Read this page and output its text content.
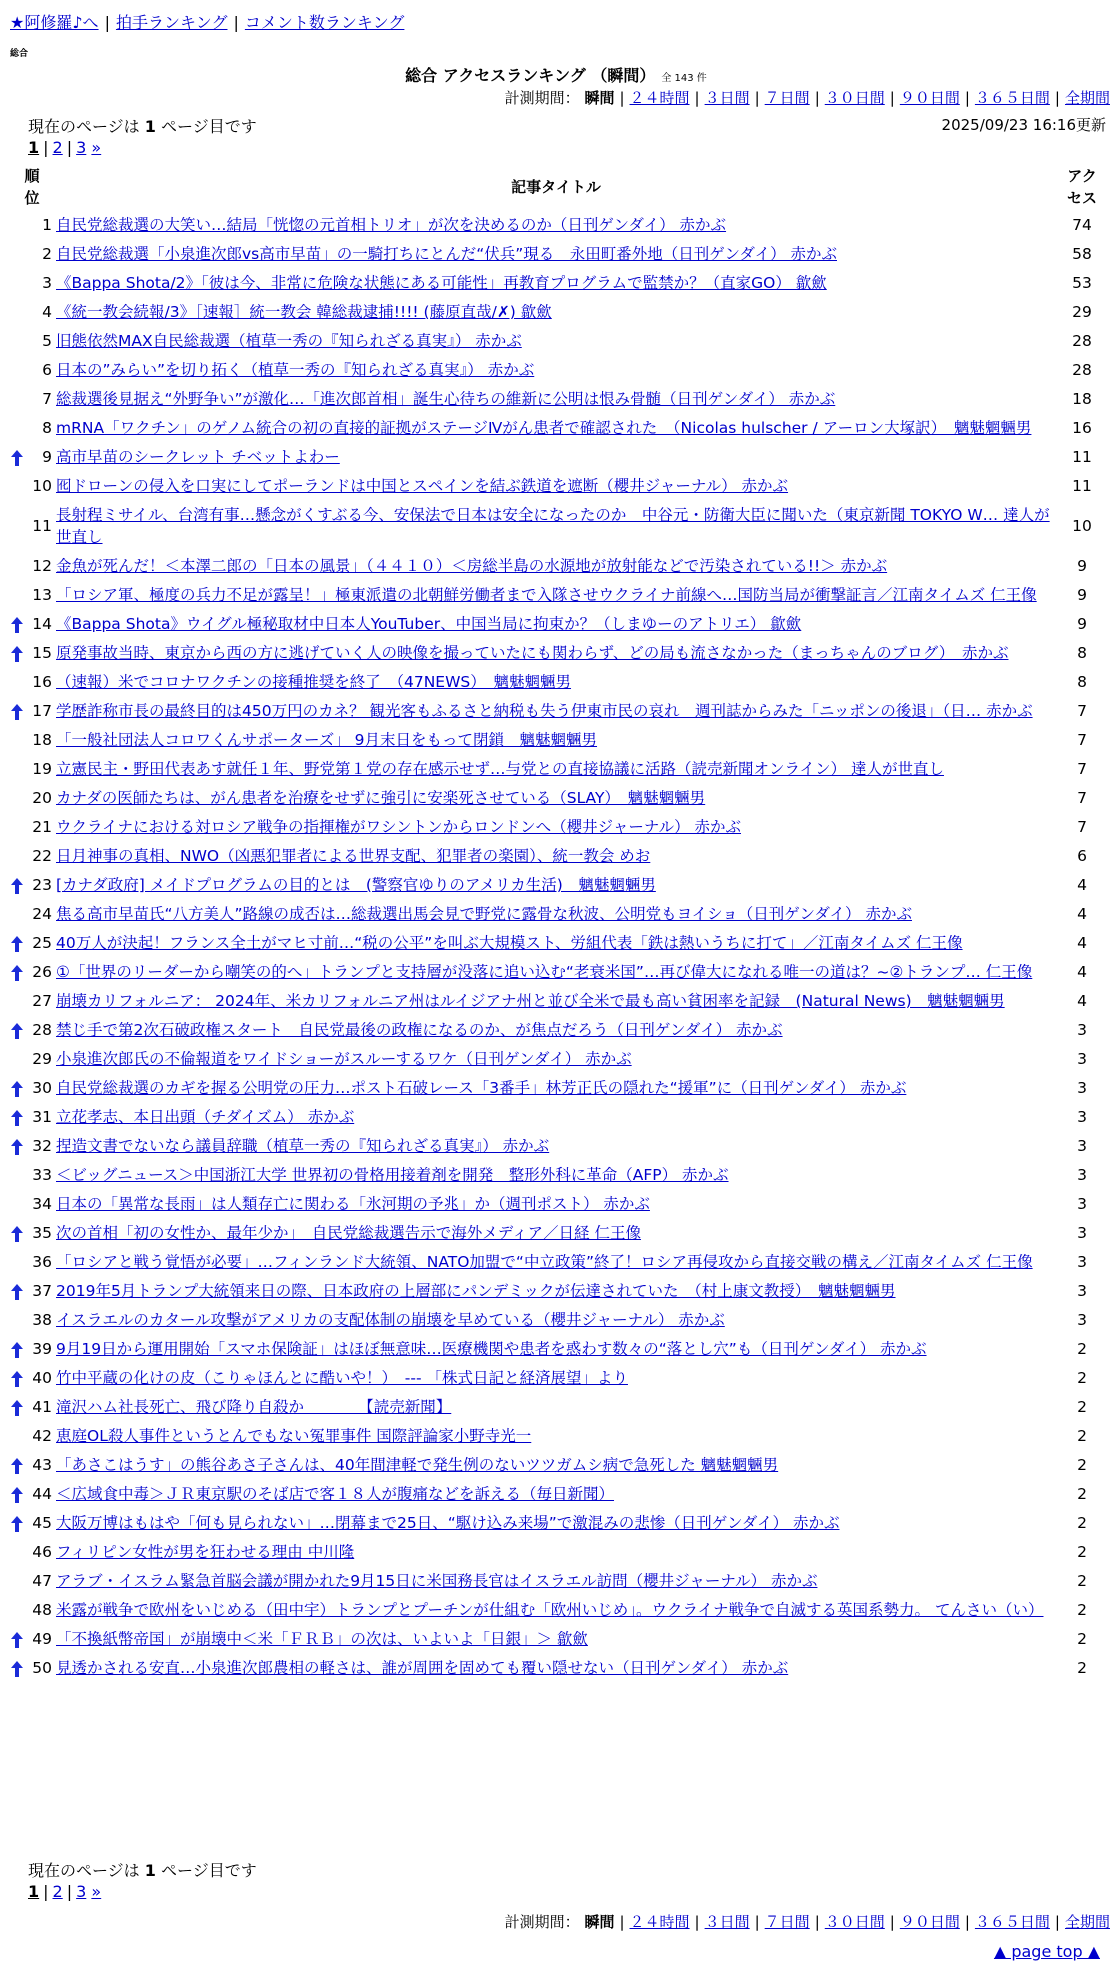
★阿修羅♪へ | 拍手ランキング | コメント数ランキング
総合
総合 アクセスランキング （瞬間） 全 143 件
計測期間： 瞬間 | ２４時間 | ３日間 | ７日間 | ３０日間 | ９０日間 | ３６５日間 | 全期間
現在のページは 1 ページ目です	2025/09/23 16:16更新
1 | 2 | 3 »
順位	記事タイトル	アクセス
1	自民党総裁選の大笑い…結局「恍惚の元首相トリオ」が次を決めるのか（日刊ゲンダイ） 赤かぶ	74
2	自民党総裁選「小泉進次郎vs高市早苗」の一騎打ちにとんだ“伏兵”現る　永田町番外地（日刊ゲンダイ） 赤かぶ	58
3	《Bappa Shota/2》「彼は今、非常に危険な状態にある可能性」再教育プログラムで監禁か？（直家GO） 歙歛	53
4	《統一教会続報/3》［速報］統一教会 韓総裁逮捕!!!! (藤原直哉/✗) 歙歛	29
5	旧態依然MAX自民総裁選（植草一秀の『知られざる真実』） 赤かぶ	28
6	日本の”みらい”を切り拓く（植草一秀の『知られざる真実』） 赤かぶ	28
7	総裁選後見据え“外野争い”が激化…「進次郎首相」誕生心待ちの維新に公明は恨み骨髄（日刊ゲンダイ） 赤かぶ	18
8	mRNA「ワクチン」のゲノム統合の初の直接的証拠がステージⅣがん患者で確認された　（Nicolas hulscher / アーロン大塚訳）　魑魅魍魎男	16

9	高市早苗のシークレット チベットよわー	11
10	囮ドローンの侵入を口実にしてポーランドは中国とスペインを結ぶ鉄道を遮断（櫻井ジャーナル） 赤かぶ	11
11	長射程ミサイル、台湾有事…懸念がくすぶる今、安保法で日本は安全になったのか　中谷元・防衛大臣に聞いた（東京新聞 TOKYO W… 達人が世直し	10
12	金魚が死んだ！＜本澤二郎の「日本の風景」（４４１０）＜房総半島の水源地が放射能などで汚染されている!!＞ 赤かぶ	9
13	「ロシア軍、極度の兵力不足が露呈！」極東派遣の北朝鮮労働者まで入隊させウクライナ前線へ…国防当局が衝撃証言／江南タイムズ 仁王像	9

14	《Bappa Shota》ウイグル極秘取材中日本人YouTuber、中国当局に拘束か？（しまゆーのアトリエ） 歙歛	9

15	原発事故当時、東京から西の方に逃げていく人の映像を撮っていたにも関わらず、どの局も流さなかった（まっちゃんのブログ）　赤かぶ	8
16	（速報）米でコロナワクチンの接種推奨を終了　（47NEWS）　魑魅魍魎男	8

17	学歴詐称市長の最終目的は450万円のカネ？ 観光客もふるさと納税も失う伊東市民の哀れ　週刊誌からみた「ニッポンの後退」（日… 赤かぶ	7
18	「一般社団法人コロワくんサポーターズ」 9月末日をもって閉鎖　魑魅魍魎男	7
19	立憲民主・野田代表あす就任１年、野党第１党の存在感示せず…与党との直接協議に活路（読売新聞オンライン） 達人が世直し	7
20	カナダの医師たちは、がん患者を治療をせずに強引に安楽死させている（SLAY）　魑魅魍魎男	7
21	ウクライナにおける対ロシア戦争の指揮権がワシントンからロンドンへ（櫻井ジャーナル） 赤かぶ	7
22	日月神事の真相、NWO（凶悪犯罪者による世界支配、犯罪者の楽園）、統一教会 めお	6

23	[カナダ政府] メイドプログラムの目的とは　(警察官ゆりのアメリカ生活)　魑魅魍魎男	4
24	焦る高市早苗氏“八方美人”路線の成否は…総裁選出馬会見で野党に露骨な秋波、公明党もヨイショ（日刊ゲンダイ） 赤かぶ	4

25	40万人が決起！フランス全土がマヒ寸前…“税の公平”を叫ぶ大規模スト、労組代表「鉄は熱いうちに打て」／江南タイムズ 仁王像	4

26	①「世界のリーダーから嘲笑の的へ」トランプと支持層が没落に追い込む“老衰米国”…再び偉大になれる唯一の道は？~②トランプ… 仁王像	4
27	崩壊カリフォルニア： 2024年、米カリフォルニア州はルイジアナ州と並び全米で最も高い貧困率を記録　(Natural News)　魑魅魍魎男	4

28	禁じ手で第2次石破政権スタート　自民党最後の政権になるのか、が焦点だろう（日刊ゲンダイ） 赤かぶ	3
29	小泉進次郎氏の不倫報道をワイドショーがスルーするワケ（日刊ゲンダイ） 赤かぶ	3

30	自民党総裁選のカギを握る公明党の圧力…ポスト石破レース「3番手」林芳正氏の隠れた“援軍”に（日刊ゲンダイ） 赤かぶ	3

31	立花孝志、本日出頭（チダイズム） 赤かぶ	3

32	捏造文書でないなら議員辞職（植草一秀の『知られざる真実』） 赤かぶ	3
33	＜ビッグニュース＞中国浙江大学 世界初の骨格用接着剤を開発　整形外科に革命（AFP） 赤かぶ	3
34	日本の「異常な長雨」は人類存亡に関わる「氷河期の予兆」か（週刊ポスト） 赤かぶ	3

35	次の首相「初の女性か、最年少か」　自民党総裁選告示で海外メディア／日経 仁王像	3
36	「ロシアと戦う覚悟が必要」…フィンランド大統領、NATO加盟で“中立政策”終了！ロシア再侵攻から直接交戦の構え／江南タイムズ 仁王像	3

37	2019年5月トランプ大統領来日の際、日本政府の上層部にパンデミックが伝達されていた　（村上康文教授）　魑魅魍魎男	3
38	イスラエルのカタール攻撃がアメリカの支配体制の崩壊を早めている（櫻井ジャーナル） 赤かぶ	3

39	9月19日から運用開始「スマホ保険証」はほぼ無意味…医療機関や患者を惑わす数々の“落とし穴”も（日刊ゲンダイ） 赤かぶ	2

40	竹中平蔵の化けの皮（こりゃほんとに酷いや！）　--- 「株式日記と経済展望」より	2

41	滝沢ハム社長死亡、飛び降り自殺か　　　　【読売新聞】	2
42	恵庭OL殺人事件というとんでもない冤罪事件 国際評論家小野寺光一	2

43	「あさこはうす」の熊谷あさ子さんは、40年間津軽で発生例のないツツガムシ病で急死した 魑魅魍魎男	2

44	＜広域食中毒＞ＪＲ東京駅のそば店で客１８人が腹痛などを訴える（毎日新聞）	2

45	大阪万博はもはや「何も見られない」…閉幕まで25日、“駆け込み来場”で激混みの悲惨（日刊ゲンダイ） 赤かぶ	2
46	フィリピン女性が男を狂わせる理由 中川隆	2
47	アラブ・イスラム緊急首脳会議が開かれた9月15日に米国務長官はイスラエル訪問（櫻井ジャーナル） 赤かぶ	2
48	米露が戦争で欧州をいじめる（田中宇）トランプとプーチンが仕組む「欧州いじめ」。ウクライナ戦争で自滅する英国系勢力。 てんさい（い）	2

49	「不換紙幣帝国」が崩壊中＜米「ＦＲＢ」の次は、いよいよ「日銀」＞ 歙歛	2

50	見透かされる安直…小泉進次郎農相の軽さは、誰が周囲を固めても覆い隠せない（日刊ゲンダイ） 赤かぶ	2
現在のページは 1 ページ目です
1 | 2 | 3 »
計測期間： 瞬間 | ２４時間 | ３日間 | ７日間 | ３０日間 | ９０日間 | ３６５日間 | 全期間
▲ page top ▲
